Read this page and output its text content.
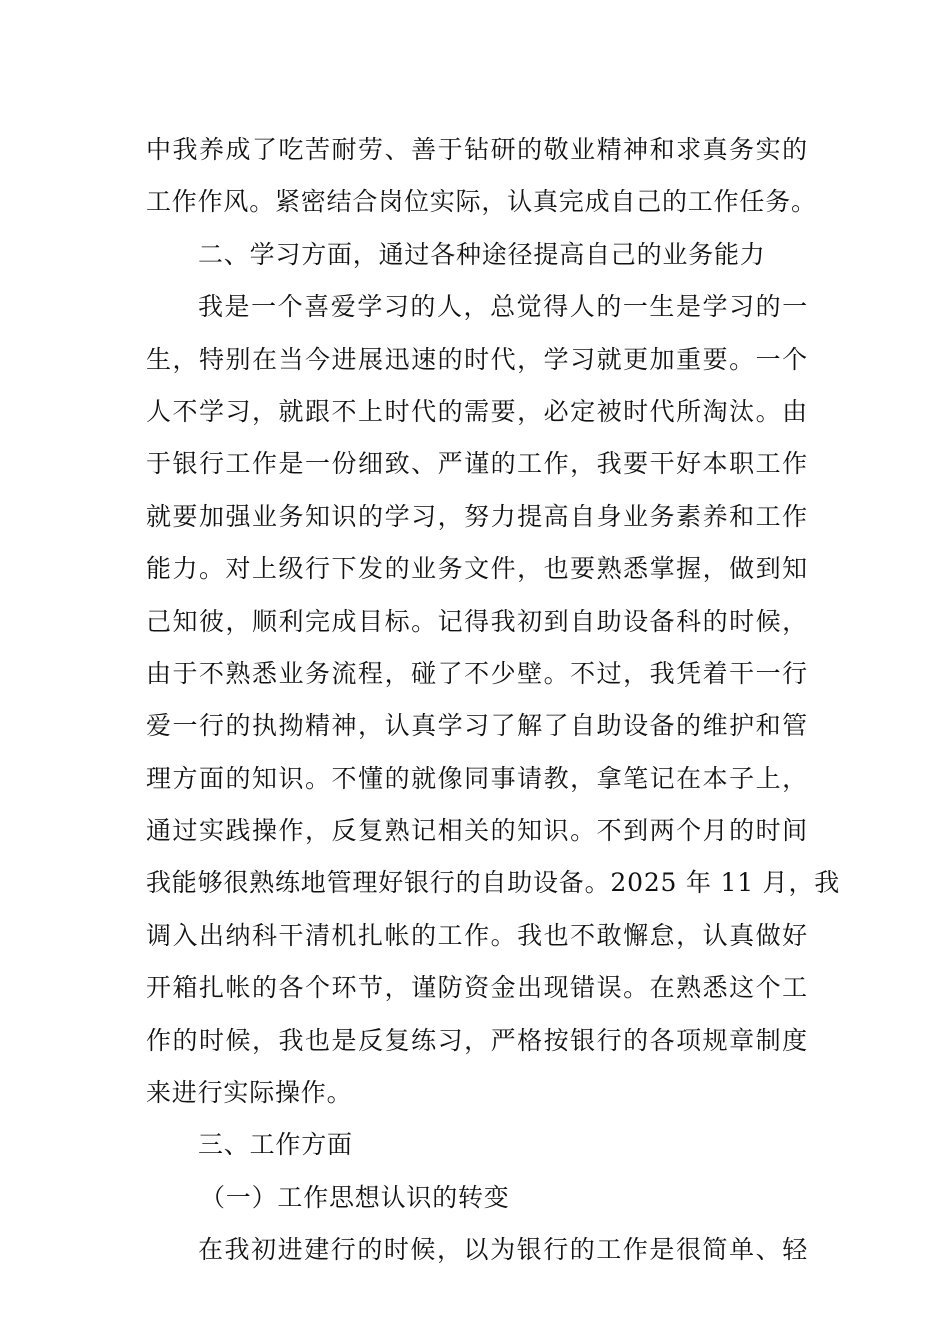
中我养成了吃苦耐劳、善于钻研的敬业精神和求真务实的
工作作风。紧密结合岗位实际，认真完成自己的工作任务。
二、学习方面，通过各种途径提高自己的业务能力
我是一个喜爱学习的人，总觉得人的一生是学习的一
生，特别在当今进展迅速的时代，学习就更加重要。一个
人不学习，就跟不上时代的需要，必定被时代所淘汰。由
于银行工作是一份细致、严谨的工作，我要干好本职工作
就要加强业务知识的学习，努力提高自身业务素养和工作
能力。对上级行下发的业务文件，也要熟悉掌握，做到知
己知彼，顺利完成目标。记得我初到自助设备科的时候，
由于不熟悉业务流程，碰了不少壁。不过，我凭着干一行
爱一行的执拗精神，认真学习了解了自助设备的维护和管
理方面的知识。不懂的就像同事请教，拿笔记在本子上，
通过实践操作，反复熟记相关的知识。不到两个月的时间
我能够很熟练地管理好银行的自助设备。2025 年 11 月，我
调入出纳科干清机扎帐的工作。我也不敢懈怠，认真做好
开箱扎帐的各个环节，谨防资金出现错误。在熟悉这个工
作的时候，我也是反复练习，严格按银行的各项规章制度
来进行实际操作。
三、工作方面
（一）工作思想认识的转变
在我初进建行的时候，以为银行的工作是很简单、轻
